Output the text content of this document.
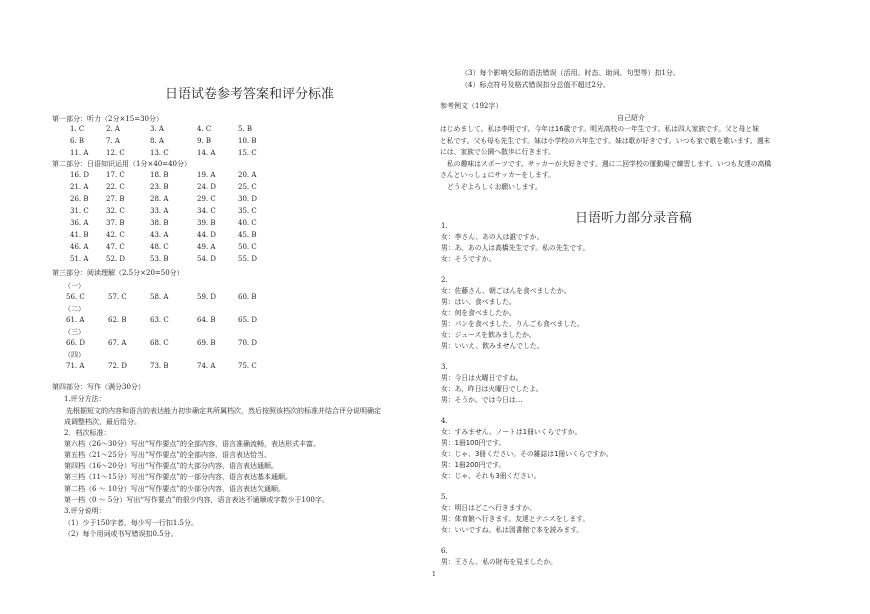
日语试卷参考答案和评分标准
第一部分：听力（2分×15=30分）
1. C	2. A	3. A	4. C	5. B
6. B	7. A	8. A	9. B	10. B
11. A	12. C	13. C	14. A	15. C
第二部分：日语知识运用（1分×40=40分）
16. D 17. C	18. B	19. A	20. A
21. A	22. C	23. B	24. D	25. C
26. B 27. B	28. A	29. C	30. D
31. C 32. C	33. A	34. C	35. C
36. A	37. B	38. B	39. B	40. C
41. B 42. C	43. A	44. D	45. B
46. A	47. C	48. C	49. A	50. C
51. A	52. D	53. B	54. D	55. D
第三部分：阅读理解（2.5分×20=50分）
（一）
56. C	57. C	58. A	59. D	60. B
（二）
61. A	62. B	63. C	64. B	65. D
（三）
66. D	67. A	68. C	69. B	70. D
（四）
71. A	72. D	73. B	74. A	75. C
第四部分：写作（满分30分）
1.评分方法：
先根据短文的内容和语言的表达能力初步确定其所属档次，然后按照该档次的标准并结合评分说明确定
成调整档次，最后给分。
2．档次标准：
第六档（26～30分）写出“写作要点”的全部内容，语言准确流畅，表达形式丰富。
第五档（21～25分）写出“写作要点”的全部内容，语言表达恰当。
第四档（16～20分）写出“写作要点”的大部分内容，语言表达通顺。
第三档（11～15分）写出“写作要点”的一部分内容，语言表达基本通顺。
第二档（6 ～ 10分）写出“写作要点”的少部分内容，语言表达欠通顺。
第一档（0 ～ 5分）写出“写作要点”的很少内容，语言表达不通顺或字数少于100字。
3.评分说明：
（1）少于150字者，每少写一行扣1.5分。
（2）每个用词或书写错误扣0.5分。
（3）每个影响交际的语法错误（活用、时态、助词、句型等）扣1分。
（4）标点符号及格式错误扣分总值不超过2分。
参考例文（192字）
自己紹介
はじめまして。私は李明です。今年は16歳です。明光高校の一年生です。私は四人家族です。父と母と妹
と私です。父も母も先生です。妹は小学校の六年生です。妹は歌が好きです。いつも家で歌を歌います。週末
には、家族で公園へ散歩に行きます。
私の趣味はスポーツです。サッカーが大好きです。週に二回学校の運動場で練習します。いつも友達の高橋
さんといっしょにサッカーをします。
どうぞよろしくお願いします。
日语听力部分录音稿
1.
女：李さん、あの人は誰ですか。
男：あ、あの人は高橋先生です。私の先生です。
女：そうですか。
2.
女：佐藤さん、朝ごはんを食べましたか。
男：はい、食べました。
女：何を食べましたか。
男：パンを食べました。りんごも食べました。
女：ジュースを飲みましたか。
男：いいえ、飲みませんでした。
3.
男：今日は火曜日ですね。
女：あ、昨日は火曜日でしたよ。
男：そうか。では今日は…
4.
女：すみません。ノートは1冊いくらですか。
男：1冊100円です。
女：じゃ、3冊ください。その雑誌は1冊いくらですか。
男：1冊200円です。
女：じゃ、それも3冊ください。
5.
女：明日はどこへ行きますか。
男：体育館へ行きます。友達とテニスをします。
女：いいですね。私は図書館で本を読みます。
6.
男：王さん、私の財布を見ましたか。
1
